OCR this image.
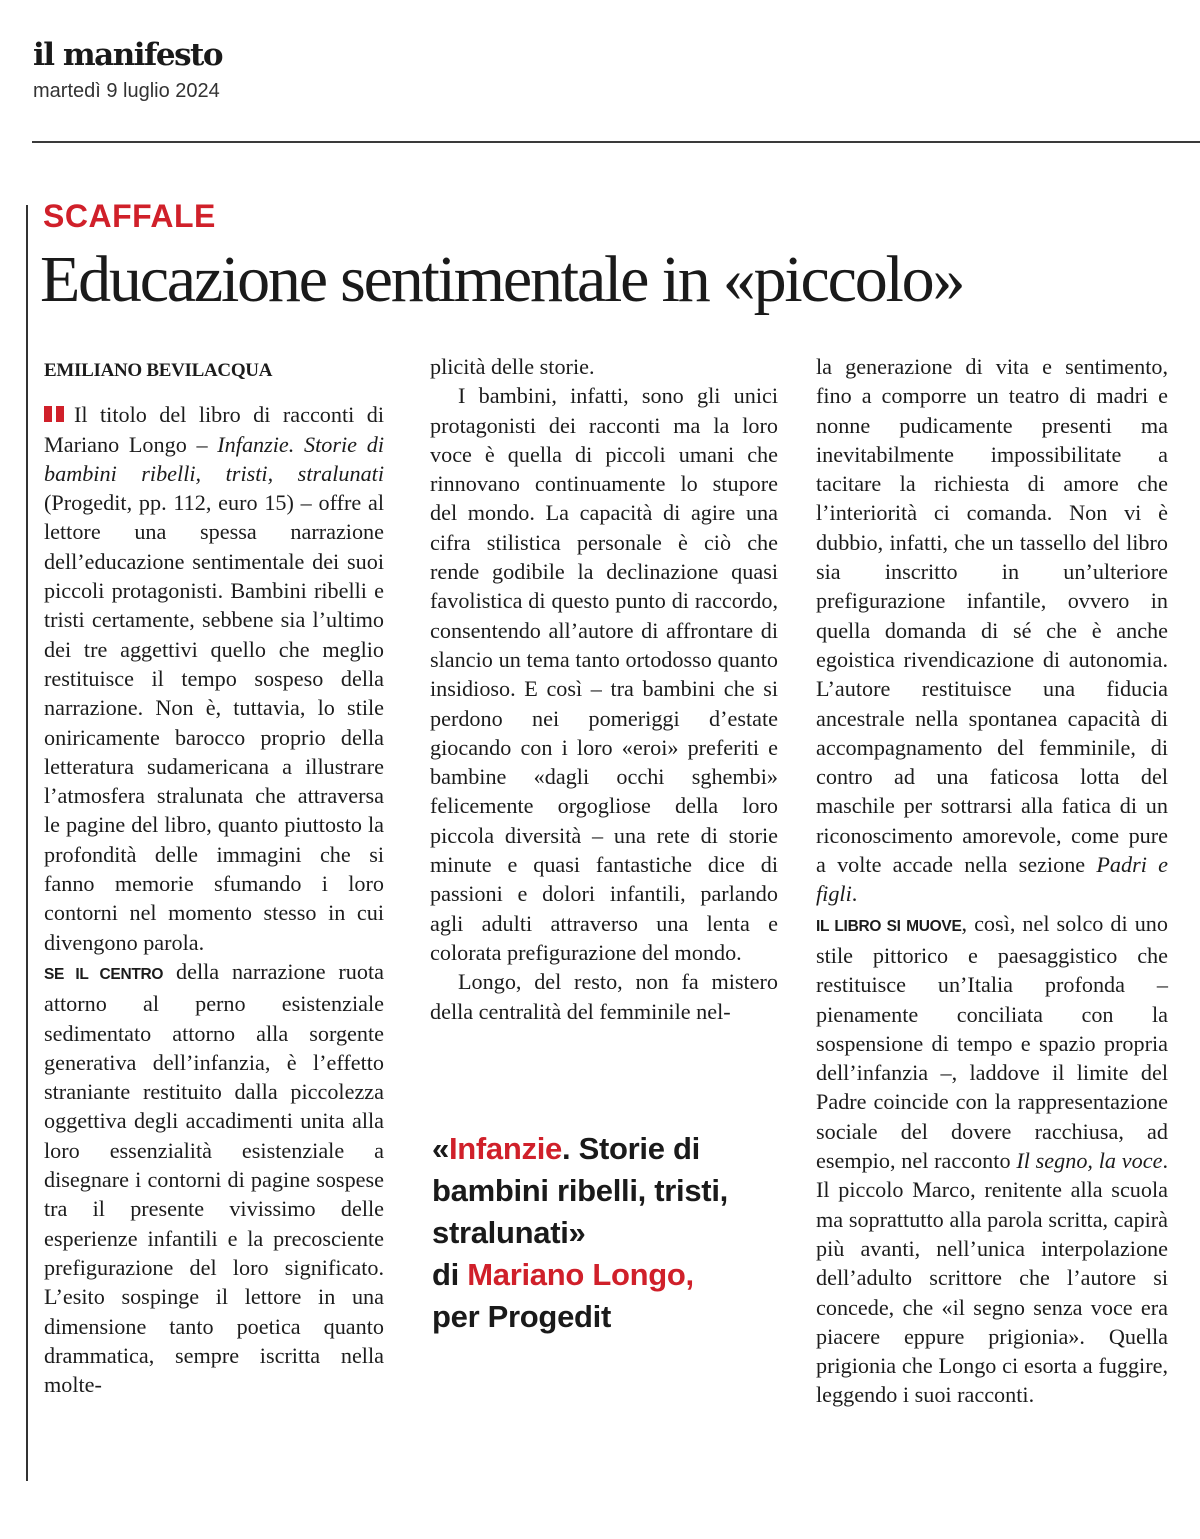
il manifesto
martedì 9 luglio 2024
SCAFFALE
Educazione sentimentale in «piccolo»
EMILIANO BEVILACQUA

Il titolo del libro di racconti di Mariano Longo – Infanzie. Storie di bambini ribelli, tristi, stralunati (Progedit, pp. 112, euro 15) – offre al lettore una spessa narrazione dell’educazione sentimentale dei suoi piccoli protagonisti. Bambini ribelli e tristi certamente, sebbene sia l’ultimo dei tre aggettivi quello che meglio restituisce il tempo sospeso della narrazione. Non è, tuttavia, lo stile oniricamente barocco proprio della letteratura sudamericana a illustrare l’atmosfera stralunata che attraversa le pagine del libro, quanto piuttosto la profondità delle immagini che si fanno memorie sfumando i loro contorni nel momento stesso in cui divengono parola.

SE IL CENTRO della narrazione ruota attorno al perno esistenziale sedimentato attorno alla sorgente generativa dell’infanzia, è l’effetto straniante restituito dalla piccolezza oggettiva degli accadimenti unita alla loro essenzialità esistenziale a disegnare i contorni di pagine sospese tra il presente vivissimo delle esperienze infantili e la precosciente prefigurazione del loro significato. L’esito sospinge il lettore in una dimensione tanto poetica quanto drammatica, sempre iscritta nella molte-

plicità delle storie.

I bambini, infatti, sono gli unici protagonisti dei racconti ma la loro voce è quella di piccoli umani che rinnovano continuamente lo stupore del mondo. La capacità di agire una cifra stilistica personale è ciò che rende godibile la declinazione quasi favolistica di questo punto di raccordo, consentendo all’autore di affrontare di slancio un tema tanto ortodosso quanto insidioso. E così – tra bambini che si perdono nei pomeriggi d’estate giocando con i loro «eroi» preferiti e bambine «dagli occhi sghembi» felicemente orgogliose della loro piccola diversità – una rete di storie minute e quasi fantastiche dice di passioni e dolori infantili, parlando agli adulti attraverso una lenta e colorata prefigurazione del mondo.

Longo, del resto, non fa mistero della centralità del femminile nel-

«Infanzie. Storie di bambini ribelli, tristi, stralunati»
di Mariano Longo,
per Progedit

la generazione di vita e sentimento, fino a comporre un teatro di madri e nonne pudicamente presenti ma inevitabilmente impossibilitate a tacitare la richiesta di amore che l’interiorità ci comanda. Non vi è dubbio, infatti, che un tassello del libro sia inscritto in un’ulteriore prefigurazione infantile, ovvero in quella domanda di sé che è anche egoistica rivendicazione di autonomia. L’autore restituisce una fiducia ancestrale nella spontanea capacità di accompagnamento del femminile, di contro ad una faticosa lotta del maschile per sottrarsi alla fatica di un riconoscimento amorevole, come pure a volte accade nella sezione Padri e figli.

IL LIBRO SI MUOVE, così, nel solco di uno stile pittorico e paesaggistico che restituisce un’Italia profonda – pienamente conciliata con la sospensione di tempo e spazio propria dell’infanzia –, laddove il limite del Padre coincide con la rappresentazione sociale del dovere racchiusa, ad esempio, nel racconto Il segno, la voce. Il piccolo Marco, renitente alla scuola ma soprattutto alla parola scritta, capirà più avanti, nell’unica interpolazione dell’adulto scrittore che l’autore si concede, che «il segno senza voce era piacere eppure prigionia». Quella prigionia che Longo ci esorta a fuggire, leggendo i suoi racconti.
